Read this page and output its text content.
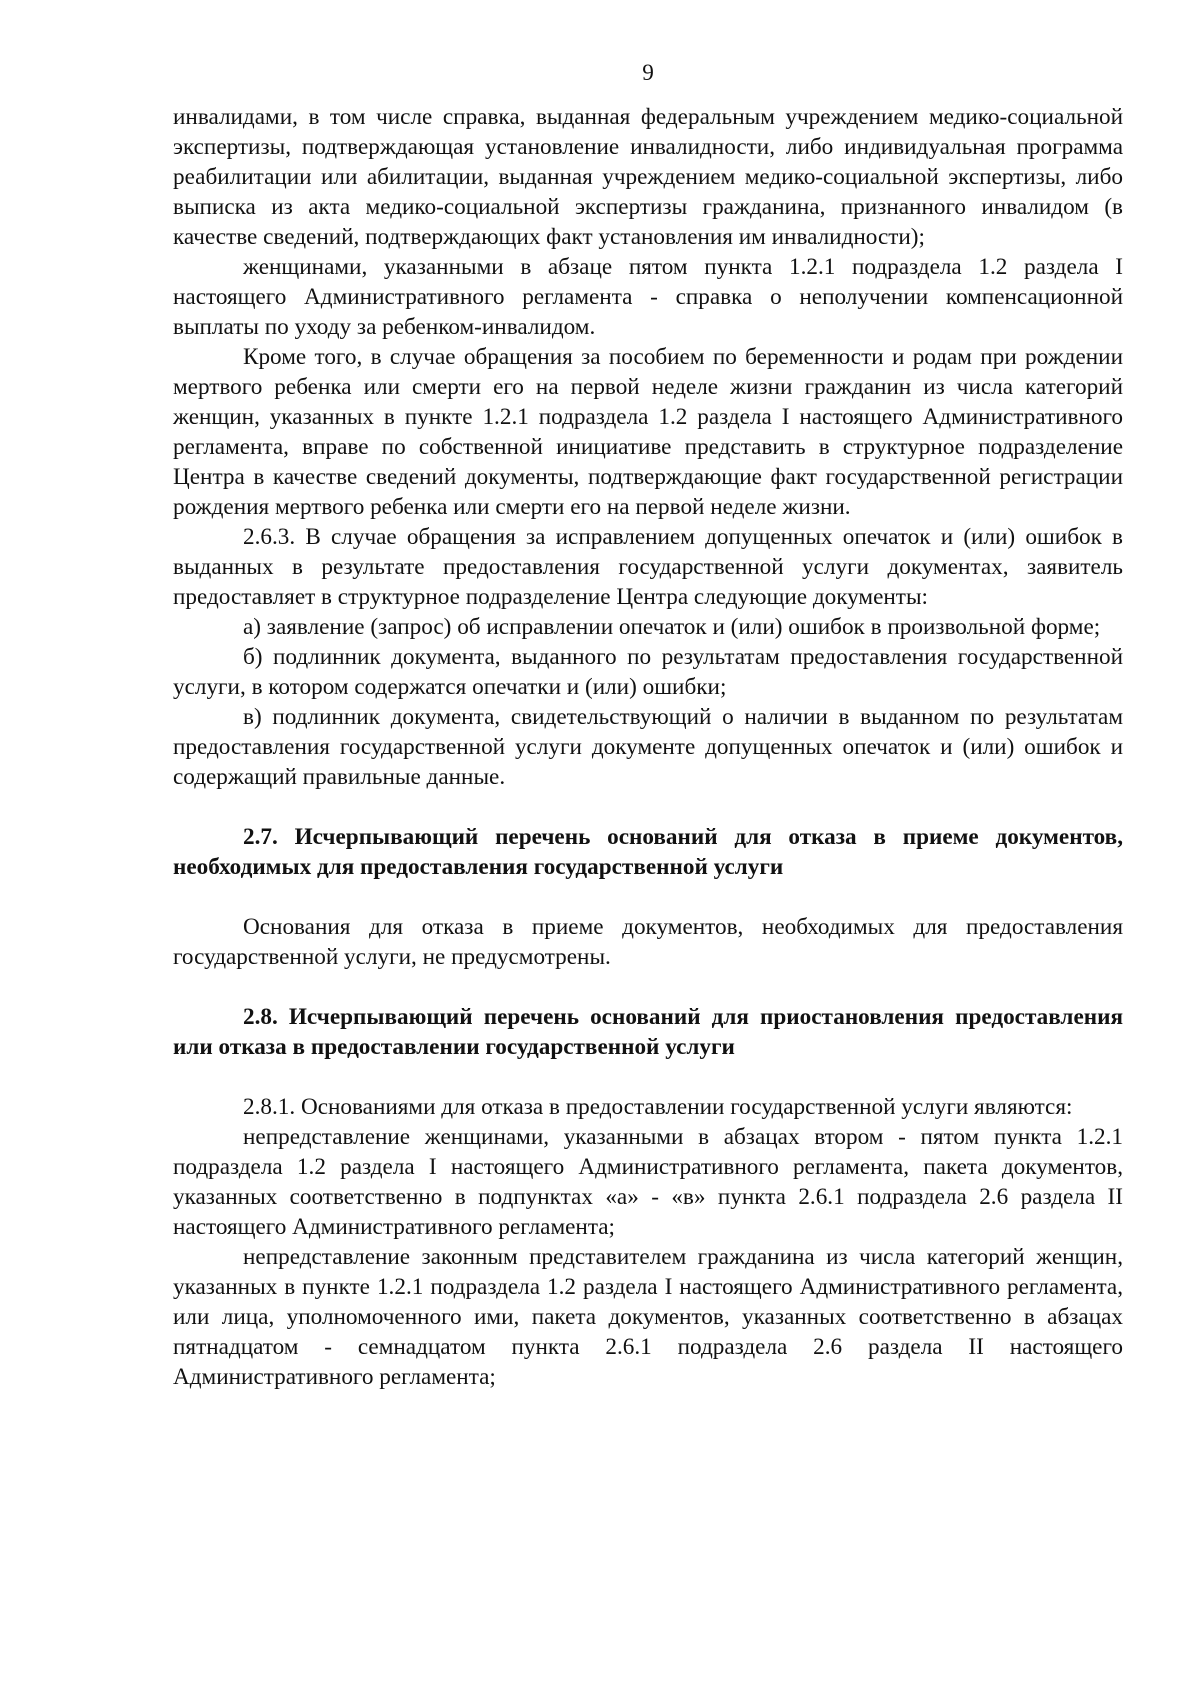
9

инвалидами, в том числе справка, выданная федеральным учреждением медико-социальной экспертизы, подтверждающая установление инвалидности, либо индивидуальная программа реабилитации или абилитации, выданная учреждением медико-социальной экспертизы, либо выписка из акта медико-социальной экспертизы гражданина, признанного инвалидом (в качестве сведений, подтверждающих факт установления им инвалидности);

женщинами, указанными в абзаце пятом пункта 1.2.1 подраздела 1.2 раздела I настоящего Административного регламента - справка о неполучении компенсационной выплаты по уходу за ребенком-инвалидом.

Кроме того, в случае обращения за пособием по беременности и родам при рождении мертвого ребенка или смерти его на первой неделе жизни гражданин из числа категорий женщин, указанных в пункте 1.2.1 подраздела 1.2 раздела I настоящего Административного регламента, вправе по собственной инициативе представить в структурное подразделение Центра в качестве сведений документы, подтверждающие факт государственной регистрации рождения мертвого ребенка или смерти его на первой неделе жизни.

2.6.3. В случае обращения за исправлением допущенных опечаток и (или) ошибок в выданных в результате предоставления государственной услуги документах, заявитель предоставляет в структурное подразделение Центра следующие документы:

а) заявление (запрос) об исправлении опечаток и (или) ошибок в произвольной форме;

б) подлинник документа, выданного по результатам предоставления государственной услуги, в котором содержатся опечатки и (или) ошибки;

в) подлинник документа, свидетельствующий о наличии в выданном по результатам предоставления государственной услуги документе допущенных опечаток и (или) ошибок и содержащий правильные данные.

2.7. Исчерпывающий перечень оснований для отказа в приеме документов, необходимых для предоставления государственной услуги

Основания для отказа в приеме документов, необходимых для предоставления государственной услуги, не предусмотрены.

2.8. Исчерпывающий перечень оснований для приостановления предоставления или отказа в предоставлении государственной услуги

2.8.1. Основаниями для отказа в предоставлении государственной услуги являются:

непредставление женщинами, указанными в абзацах втором - пятом пункта 1.2.1 подраздела 1.2 раздела I настоящего Административного регламента, пакета документов, указанных соответственно в подпунктах «а» - «в» пункта 2.6.1 подраздела 2.6 раздела II настоящего Административного регламента;

непредставление законным представителем гражданина из числа категорий женщин, указанных в пункте 1.2.1 подраздела 1.2 раздела I настоящего Административного регламента, или лица, уполномоченного ими, пакета документов, указанных соответственно в абзацах пятнадцатом - семнадцатом пункта 2.6.1 подраздела 2.6 раздела II настоящего Административного регламента;
